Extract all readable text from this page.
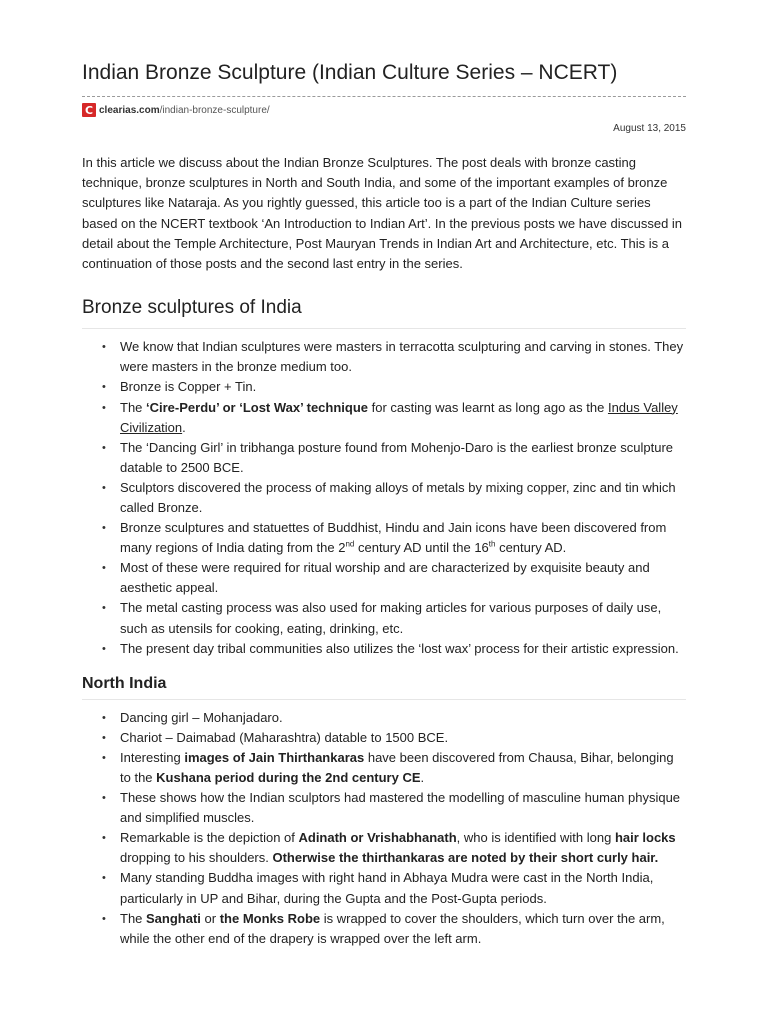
Indian Bronze Sculpture (Indian Culture Series – NCERT)
C clearias.com /indian-bronze-sculpture/
August 13, 2015

In this article we discuss about the Indian Bronze Sculptures. The post deals with bronze casting technique, bronze sculptures in North and South India, and some of the important examples of bronze sculptures like Nataraja. As you rightly guessed, this article too is a part of the Indian Culture series based on the NCERT textbook ‘An Introduction to Indian Art’. In the previous posts we have discussed in detail about the Temple Architecture, Post Mauryan Trends in Indian Art and Architecture, etc. This is a continuation of those posts and the second last entry in the series.

Bronze sculptures of India
• We know that Indian sculptures were masters in terracotta sculpturing and carving in stones. They were masters in the bronze medium too.
• Bronze is Copper + Tin.
• The ‘Cire-Perdu’ or ‘Lost Wax’ technique for casting was learnt as long ago as the Indus Valley Civilization.
• The ‘Dancing Girl’ in tribhanga posture found from Mohenjo-Daro is the earliest bronze sculpture datable to 2500 BCE.
• Sculptors discovered the process of making alloys of metals by mixing copper, zinc and tin which called Bronze.
• Bronze sculptures and statuettes of Buddhist, Hindu and Jain icons have been discovered from many regions of India dating from the 2nd century AD until the 16th century AD.
• Most of these were required for ritual worship and are characterized by exquisite beauty and aesthetic appeal.
• The metal casting process was also used for making articles for various purposes of daily use, such as utensils for cooking, eating, drinking, etc.
• The present day tribal communities also utilizes the ‘lost wax’ process for their artistic expression.
North India
• Dancing girl – Mohanjadaro.
• Chariot – Daimabad (Maharashtra) datable to 1500 BCE.
• Interesting images of Jain Thirthankaras have been discovered from Chausa, Bihar, belonging to the Kushana period during the 2nd century CE.
• These shows how the Indian sculptors had mastered the modelling of masculine human physique and simplified muscles.
• Remarkable is the depiction of Adinath or Vrishabhanath, who is identified with long hair locks dropping to his shoulders. Otherwise the thirthankaras are noted by their short curly hair.
• Many standing Buddha images with right hand in Abhaya Mudra were cast in the North India, particularly in UP and Bihar, during the Gupta and the Post-Gupta periods.
• The Sanghati or the Monks Robe is wrapped to cover the shoulders, which turn over the arm, while the other end of the drapery is wrapped over the left arm.
